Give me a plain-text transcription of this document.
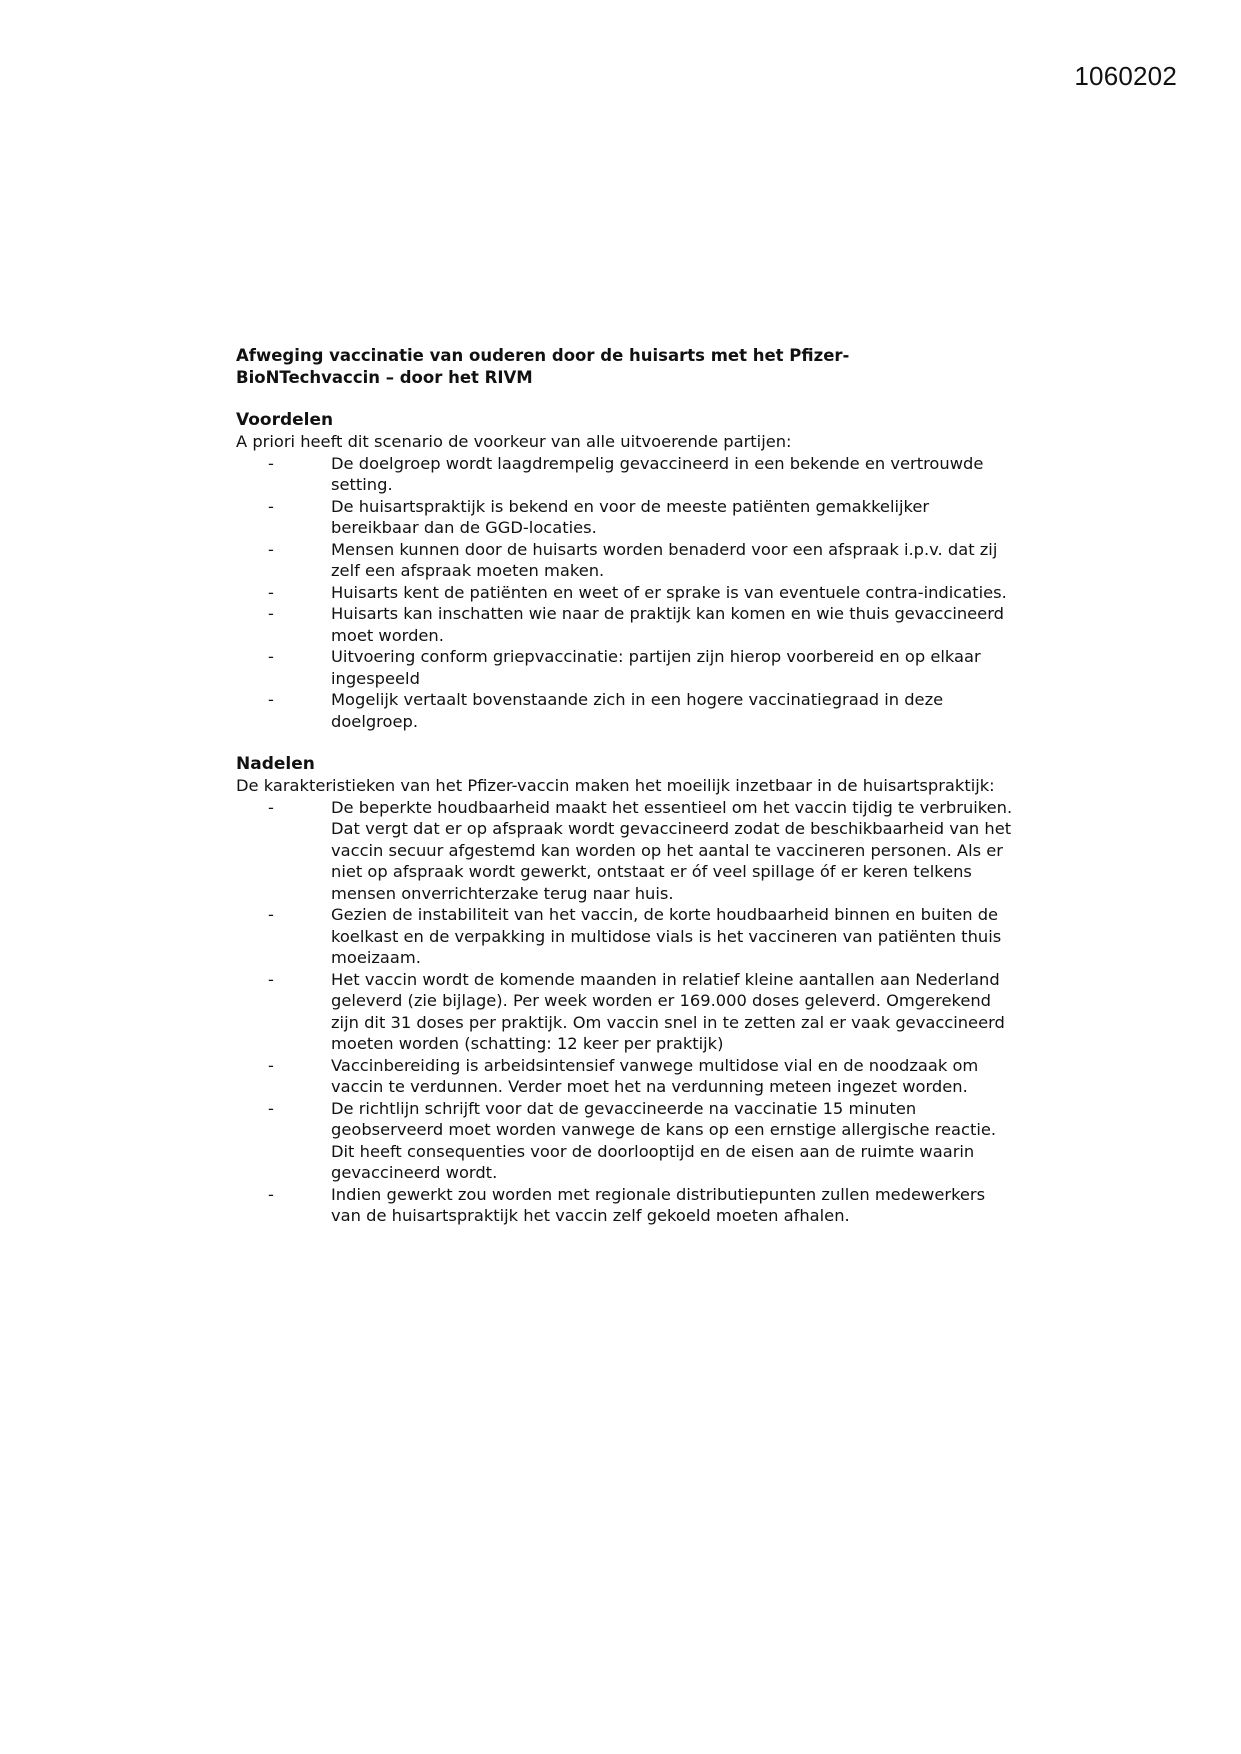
1060202

Afweging vaccinatie van ouderen door de huisarts met het Pfizer-BioNTechvaccin – door het RIVM

Voordelen

A priori heeft dit scenario de voorkeur van alle uitvoerende partijen:

-	De doelgroep wordt laagdrempelig gevaccineerd in een bekende en vertrouwde setting.
-	De huisartspraktijk is bekend en voor de meeste patiënten gemakkelijker bereikbaar dan de GGD-locaties.
-	Mensen kunnen door de huisarts worden benaderd voor een afspraak i.p.v. dat zij zelf een afspraak moeten maken.
-	Huisarts kent de patiënten en weet of er sprake is van eventuele contra-indicaties.
-	Huisarts kan inschatten wie naar de praktijk kan komen en wie thuis gevaccineerd moet worden.
-	Uitvoering conform griepvaccinatie: partijen zijn hierop voorbereid en op elkaar ingespeeld
-	Mogelijk vertaalt bovenstaande zich in een hogere vaccinatiegraad in deze doelgroep.

Nadelen

De karakteristieken van het Pfizer-vaccin maken het moeilijk inzetbaar in de huisartspraktijk:

-	De beperkte houdbaarheid maakt het essentieel om het vaccin tijdig te verbruiken. Dat vergt dat er op afspraak wordt gevaccineerd zodat de beschikbaarheid van het vaccin secuur afgestemd kan worden op het aantal te vaccineren personen. Als er niet op afspraak wordt gewerkt, ontstaat er óf veel spillage óf er keren telkens mensen onverrichterzake terug naar huis.
-	Gezien de instabiliteit van het vaccin, de korte houdbaarheid binnen en buiten de koelkast en de verpakking in multidose vials is het vaccineren van patiënten thuis moeizaam.
-	Het vaccin wordt de komende maanden in relatief kleine aantallen aan Nederland geleverd (zie bijlage). Per week worden er 169.000 doses geleverd. Omgerekend zijn dit 31 doses per praktijk. Om vaccin snel in te zetten zal er vaak gevaccineerd moeten worden (schatting: 12 keer per praktijk)
-	Vaccinbereiding is arbeidsintensief vanwege multidose vial en de noodzaak om vaccin te verdunnen. Verder moet het na verdunning meteen ingezet worden.
-	De richtlijn schrijft voor dat de gevaccineerde na vaccinatie 15 minuten geobserveerd moet worden vanwege de kans op een ernstige allergische reactie. Dit heeft consequenties voor de doorlooptijd en de eisen aan de ruimte waarin gevaccineerd wordt.
-	Indien gewerkt zou worden met regionale distributiepunten zullen medewerkers van de huisartspraktijk het vaccin zelf gekoeld moeten afhalen.
